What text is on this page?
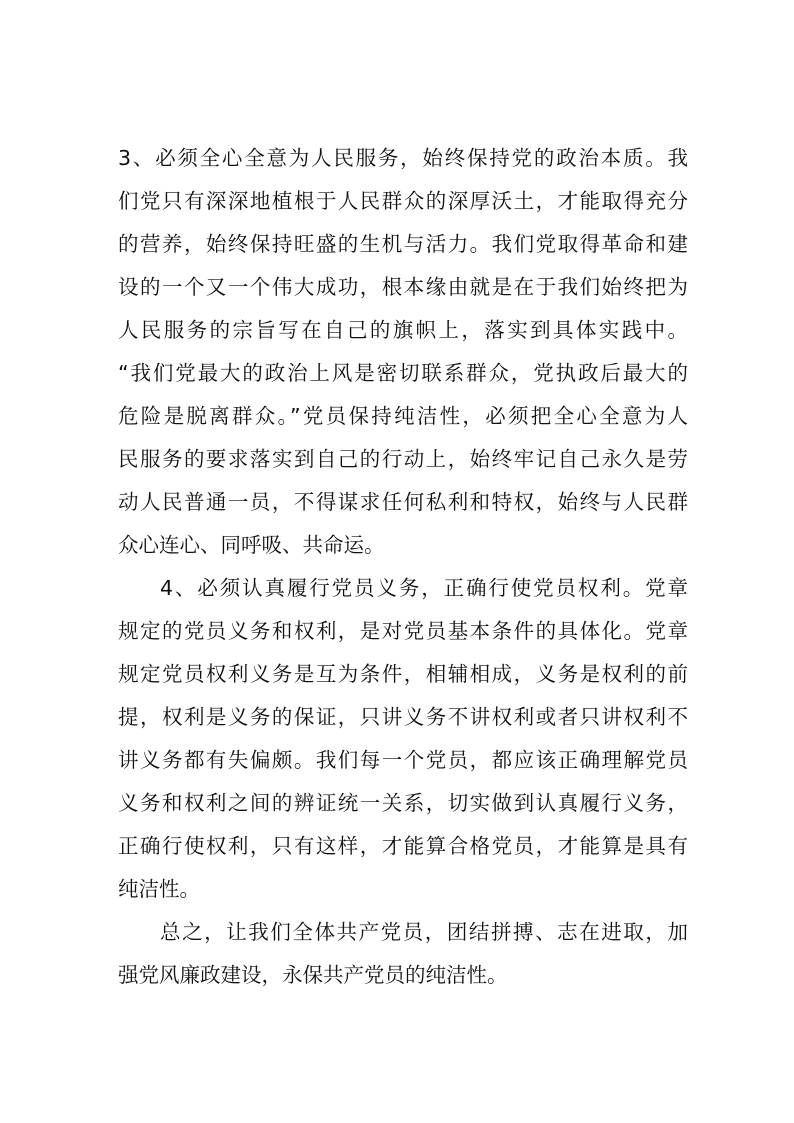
3、必须全心全意为人民服务，始终保持党的政治本质。我
们党只有深深地植根于人民群众的深厚沃土，才能取得充分
的营养，始终保持旺盛的生机与活力。我们党取得革命和建
设的一个又一个伟大成功，根本缘由就是在于我们始终把为
人民服务的宗旨写在自己的旗帜上，落实到具体实践中。
“我们党最大的政治上风是密切联系群众，党执政后最大的
危险是脱离群众。”党员保持纯洁性，必须把全心全意为人
民服务的要求落实到自己的行动上，始终牢记自己永久是劳
动人民普通一员，不得谋求任何私利和特权，始终与人民群
众心连心、同呼吸、共命运。
4、必须认真履行党员义务，正确行使党员权利。党章
规定的党员义务和权利，是对党员基本条件的具体化。党章
规定党员权利义务是互为条件，相辅相成，义务是权利的前
提，权利是义务的保证，只讲义务不讲权利或者只讲权利不
讲义务都有失偏颇。我们每一个党员，都应该正确理解党员
义务和权利之间的辨证统一关系，切实做到认真履行义务，
正确行使权利，只有这样，才能算合格党员，才能算是具有
纯洁性。
总之，让我们全体共产党员，团结拼搏、志在进取，加
强党风廉政建设，永保共产党员的纯洁性。
